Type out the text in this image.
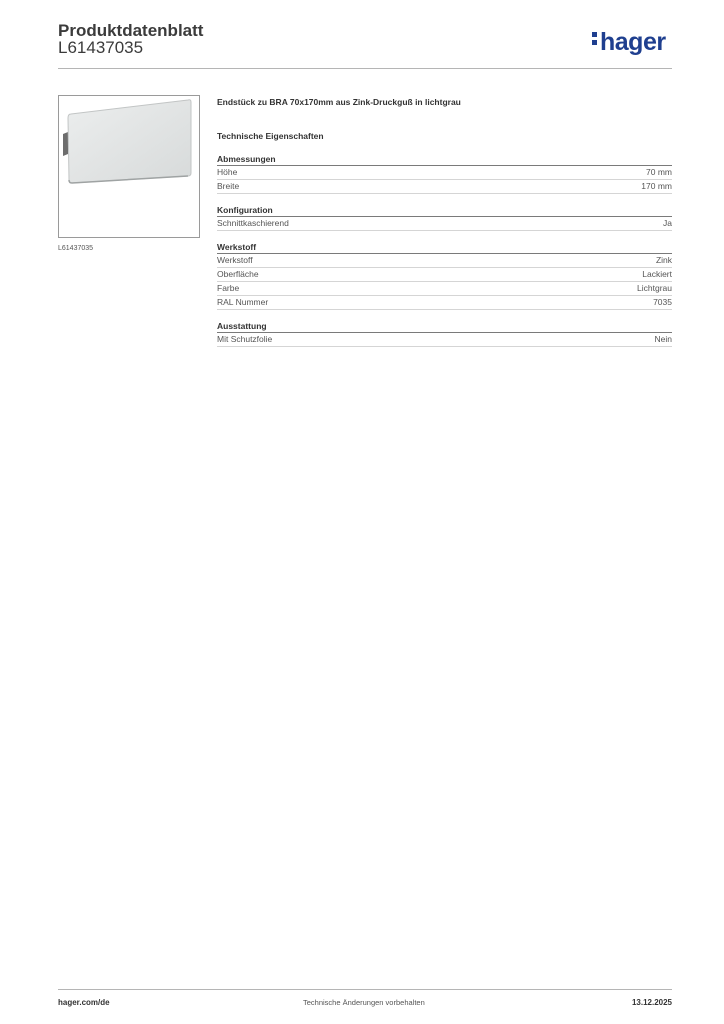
Produktdatenblatt
L61437035	hager
L61437035
Endstück zu BRA 70x170mm aus Zink-Druckguß in lichtgrau
Technische Eigenschaften
Abmessungen
Höhe	70 mm
Breite	170 mm
Konfiguration
Schnittkaschierend	Ja
Werkstoff
Werkstoff	Zink
Oberfläche	Lackiert
Farbe	Lichtgrau
RAL Nummer	7035
Ausstattung
Mit Schutzfolie	Nein
hager.com/de	Technische Änderungen vorbehalten	13.12.2025
